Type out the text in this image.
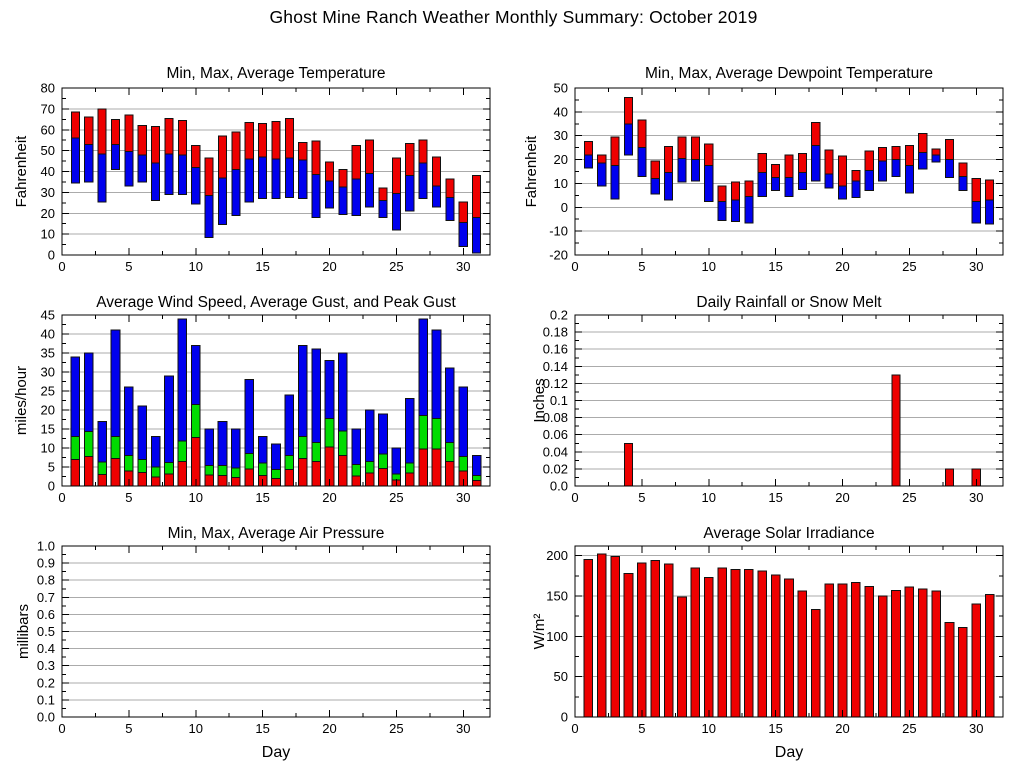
Ghost Mine Ranch Weather Monthly Summary: October 2019
Min, Max, Average Temperature
Fahrenheit
0	5	10	15	20	25	30
0
10
20
30
40
50
60
70
80
Min, Max, Average Dewpoint Temperature
Fahrenheit
0	5	10	15	20	25	30
-20
-10
0
10
20
30
40
50
Average Wind Speed, Average Gust, and Peak Gust
miles/hour
0	5	10	15	20	25	30
0
5
10
15
20
25
30
35
40
45
Daily Rainfall or Snow Melt
Inches
0	5	10	15	20	25	30
0.0
0.02
0.04
0.06
0.08
0.1
0.12
0.14
0.16
0.18
0.2
Min, Max, Average Air Pressure
millibars
Day
0	5	10	15	20	25	30
0.0
0.1
0.2
0.3
0.4
0.5
0.6
0.7
0.8
0.9
1.0
Average Solar Irradiance
W/m²
Day
0	5	10	15	20	25	30
0
50
100
150
200
